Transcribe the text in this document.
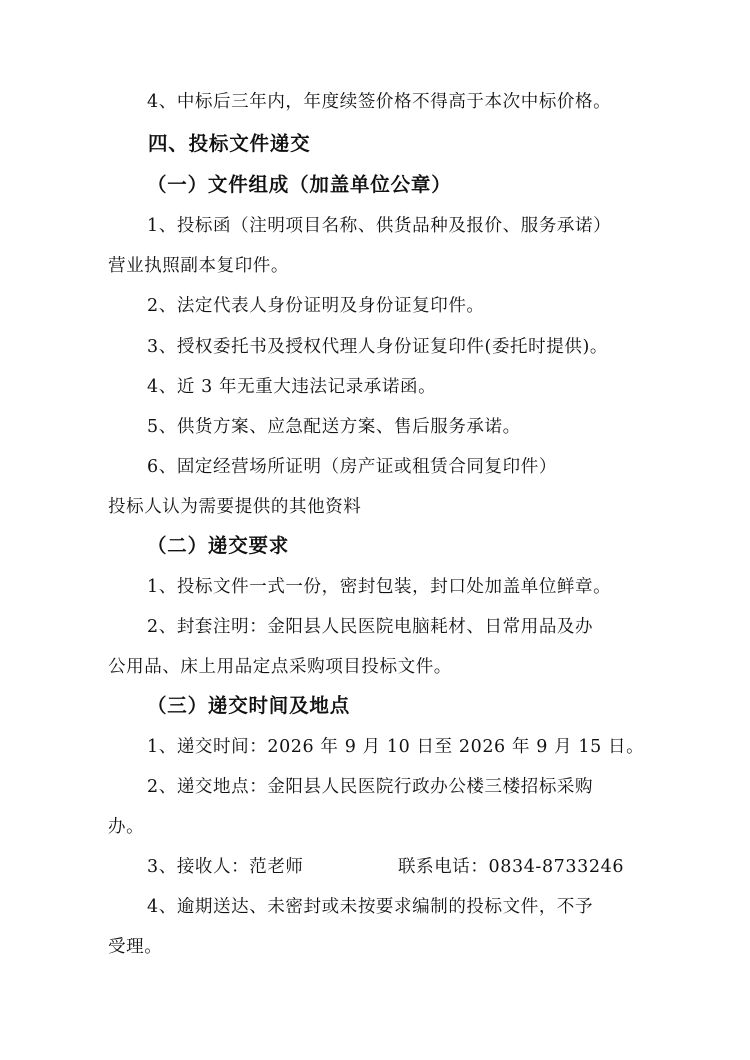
4、中标后三年内，年度续签价格不得高于本次中标价格。
四、投标文件递交
（一）文件组成（加盖单位公章）
1、投标函（注明项目名称、供货品种及报价、服务承诺）
营业执照副本复印件。
2、法定代表人身份证明及身份证复印件。
3、授权委托书及授权代理人身份证复印件(委托时提供)。
4、近 3 年无重大违法记录承诺函。
5、供货方案、应急配送方案、售后服务承诺。
6、固定经营场所证明（房产证或租赁合同复印件）
投标人认为需要提供的其他资料
（二）递交要求
1、投标文件一式一份，密封包装，封口处加盖单位鲜章。
2、封套注明：金阳县人民医院电脑耗材、日常用品及办
公用品、床上用品定点采购项目投标文件。
（三）递交时间及地点
1、递交时间：2026 年 9 月 10 日至 2026 年 9 月 15 日。
2、递交地点：金阳县人民医院行政办公楼三楼招标采购
办。
3、接收人：范老师	联系电话：0834-8733246
4、逾期送达、未密封或未按要求编制的投标文件，不予
受理。
